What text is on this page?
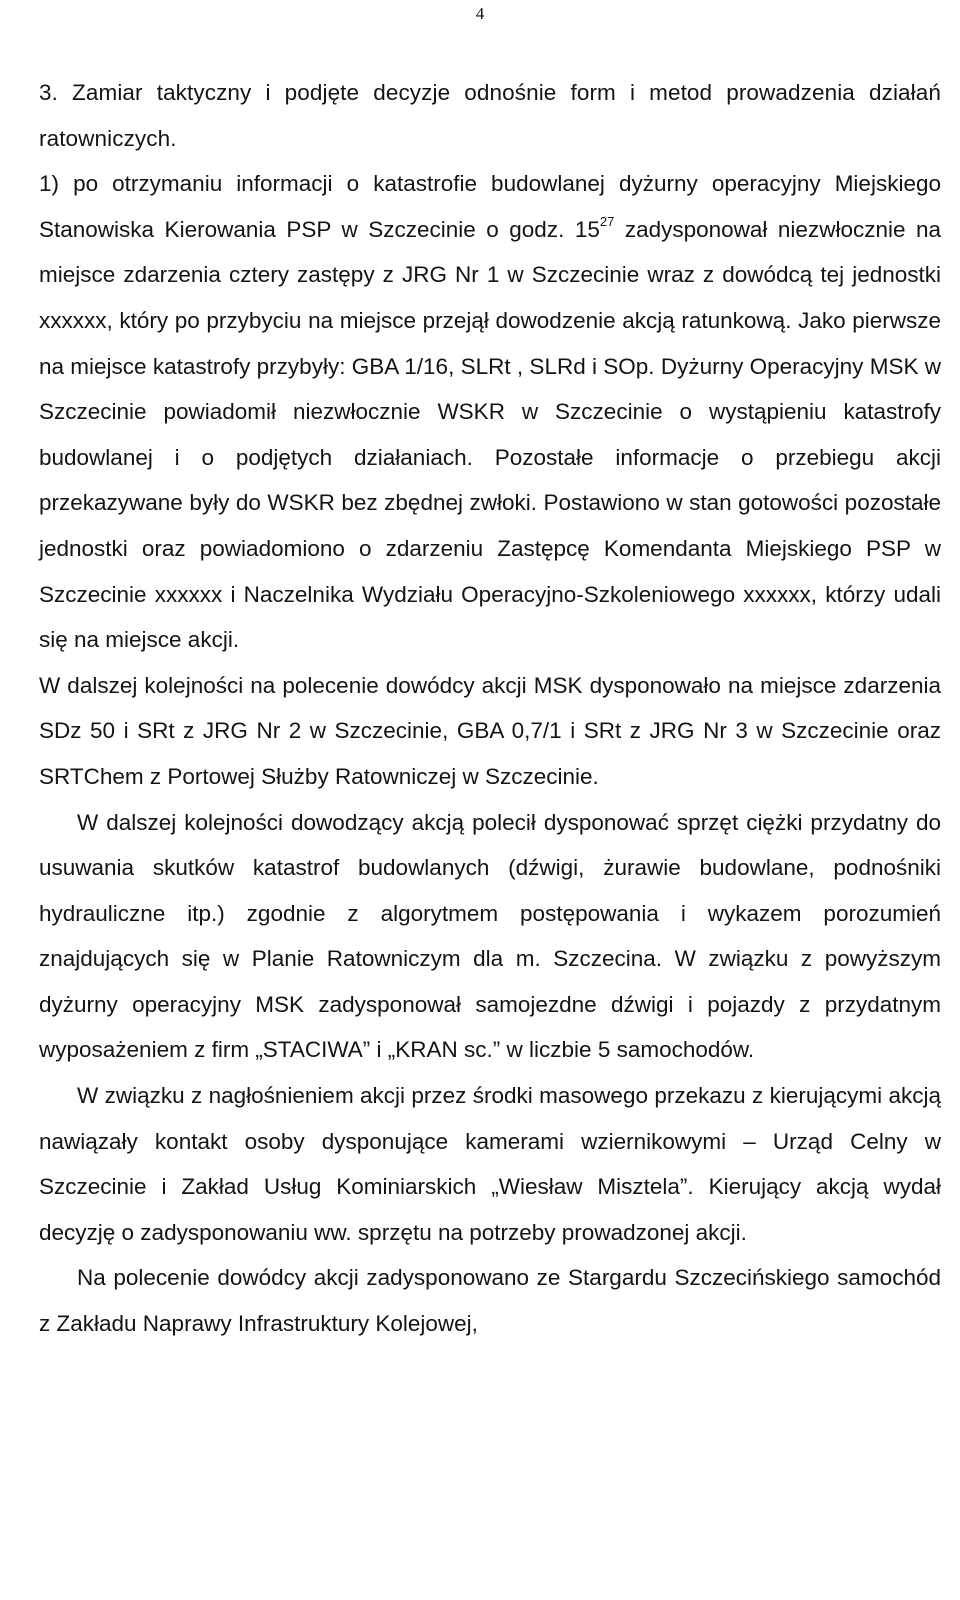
4

3. Zamiar taktyczny i podjęte decyzje odnośnie form i metod prowadzenia działań ratowniczych.

1) po otrzymaniu informacji o katastrofie budowlanej dyżurny operacyjny Miejskiego Stanowiska Kierowania PSP w Szczecinie o godz. $15^{27}$ zadysponował niezwłocznie na miejsce zdarzenia cztery zastępy z JRG Nr 1 w Szczecinie wraz z dowódcą tej jednostki xxxxxx, który po przybyciu na miejsce przejął dowodzenie akcją ratunkową. Jako pierwsze na miejsce katastrofy przybyły: GBA 1/16, SLRt , SLRd i SOp. Dyżurny Operacyjny MSK w Szczecinie powiadomił niezwłocznie WSKR w Szczecinie o wystąpieniu katastrofy budowlanej i o podjętych działaniach. Pozostałe informacje o przebiegu akcji przekazywane były do WSKR bez zbędnej zwłoki. Postawiono w stan gotowości pozostałe jednostki oraz powiadomiono o zdarzeniu Zastępcę Komendanta Miejskiego PSP w Szczecinie xxxxxx i Naczelnika Wydziału Operacyjno-Szkoleniowego xxxxxx, którzy udali się na miejsce akcji.

W dalszej kolejności na polecenie dowódcy akcji MSK dysponowało na miejsce zdarzenia SDz 50 i SRt z JRG Nr 2 w Szczecinie, GBA 0,7/1 i SRt z JRG Nr 3 w Szczecinie oraz SRTChem z Portowej Służby Ratowniczej w Szczecinie.

W dalszej kolejności dowodzący akcją polecił dysponować sprzęt ciężki przydatny do usuwania skutków katastrof budowlanych (dźwigi, żurawie budowlane, podnośniki hydrauliczne itp.) zgodnie z algorytmem postępowania i wykazem porozumień znajdujących się w Planie Ratowniczym dla m. Szczecina. W związku z powyższym dyżurny operacyjny MSK zadysponował samojezdne dźwigi i pojazdy z przydatnym wyposażeniem z firm „STACIWA” i „KRAN sc.” w liczbie 5 samochodów.

W związku z nagłośnieniem akcji przez środki masowego przekazu z kierującymi akcją nawiązały kontakt osoby dysponujące kamerami wziernikowymi – Urząd Celny w Szczecinie i Zakład Usług Kominiarskich „Wiesław Misztela”. Kierujący akcją wydał decyzję o zadysponowaniu ww. sprzętu na potrzeby prowadzonej akcji.

Na polecenie dowódcy akcji zadysponowano ze Stargardu Szczecińskiego samochód z Zakładu Naprawy Infrastruktury Kolejowej,
